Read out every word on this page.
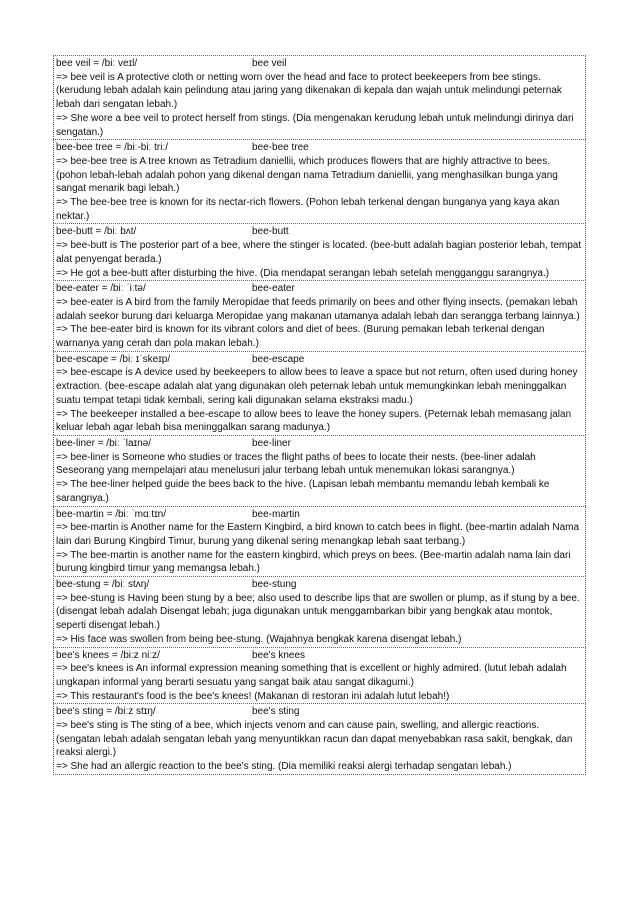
bee veil = /biː veɪl/	bee veil
=> bee veil is A protective cloth or netting worn over the head and face to protect beekeepers from bee stings. (kerudung lebah adalah kain pelindung atau jaring yang dikenakan di kepala dan wajah untuk melindungi peternak lebah dari sengatan lebah.)
=> She wore a bee veil to protect herself from stings. (Dia mengenakan kerudung lebah untuk melindungi dirinya dari sengatan.)
bee-bee tree = /biː-biː triː/	bee-bee tree
=> bee-bee tree is A tree known as Tetradium daniellii, which produces flowers that are highly attractive to bees. (pohon lebah-lebah adalah pohon yang dikenal dengan nama Tetradium daniellii, yang menghasilkan bunga yang sangat menarik bagi lebah.)
=> The bee-bee tree is known for its nectar-rich flowers. (Pohon lebah terkenal dengan bunganya yang kaya akan nektar.)
bee-butt = /biː bʌt/	bee-butt
=> bee-butt is The posterior part of a bee, where the stinger is located. (bee-butt adalah bagian posterior lebah, tempat alat penyengat berada.)
=> He got a bee-butt after disturbing the hive. (Dia mendapat serangan lebah setelah mengganggu sarangnya.)
bee-eater = /biː ˈiːtə/	bee-eater
=> bee-eater is A bird from the family Meropidae that feeds primarily on bees and other flying insects. (pemakan lebah adalah seekor burung dari keluarga Meropidae yang makanan utamanya adalah lebah dan serangga terbang lainnya.)
=> The bee-eater bird is known for its vibrant colors and diet of bees. (Burung pemakan lebah terkenal dengan warnanya yang cerah dan pola makan lebah.)
bee-escape = /biː ɪˈskeɪp/	bee-escape
=> bee-escape is A device used by beekeepers to allow bees to leave a space but not return, often used during honey extraction. (bee-escape adalah alat yang digunakan oleh peternak lebah untuk memungkinkan lebah meninggalkan suatu tempat tetapi tidak kembali, sering kali digunakan selama ekstraksi madu.)
=> The beekeeper installed a bee-escape to allow bees to leave the honey supers. (Peternak lebah memasang jalan keluar lebah agar lebah bisa meninggalkan sarang madunya.)
bee-liner = /biː ˈlaɪnə/	bee-liner
=> bee-liner is Someone who studies or traces the flight paths of bees to locate their nests. (bee-liner adalah Seseorang yang mempelajari atau menelusuri jalur terbang lebah untuk menemukan lokasi sarangnya.)
=> The bee-liner helped guide the bees back to the hive. (Lapisan lebah membantu memandu lebah kembali ke sarangnya.)
bee-martin = /biː ˈmɑːtɪn/	bee-martin
=> bee-martin is Another name for the Eastern Kingbird, a bird known to catch bees in flight. (bee-martin adalah Nama lain dari Burung Kingbird Timur, burung yang dikenal sering menangkap lebah saat terbang.)
=> The bee-martin is another name for the eastern kingbird, which preys on bees. (Bee-martin adalah nama lain dari burung kingbird timur yang memangsa lebah.)
bee-stung = /biː stʌŋ/	bee-stung
=> bee-stung is Having been stung by a bee; also used to describe lips that are swollen or plump, as if stung by a bee. (disengat lebah adalah Disengat lebah; juga digunakan untuk menggambarkan bibir yang bengkak atau montok, seperti disengat lebah.)
=> His face was swollen from being bee-stung. (Wajahnya bengkak karena disengat lebah.)
bee's knees = /biːz niːz/	bee's knees
=> bee's knees is An informal expression meaning something that is excellent or highly admired. (lutut lebah adalah ungkapan informal yang berarti sesuatu yang sangat baik atau sangat dikagumi.)
=> This restaurant's food is the bee's knees! (Makanan di restoran ini adalah lutut lebah!)
bee's sting = /biːz stɪŋ/	bee's sting
=> bee's sting is The sting of a bee, which injects venom and can cause pain, swelling, and allergic reactions. (sengatan lebah adalah sengatan lebah yang menyuntikkan racun dan dapat menyebabkan rasa sakit, bengkak, dan reaksi alergi.)
=> She had an allergic reaction to the bee's sting. (Dia memiliki reaksi alergi terhadap sengatan lebah.)
